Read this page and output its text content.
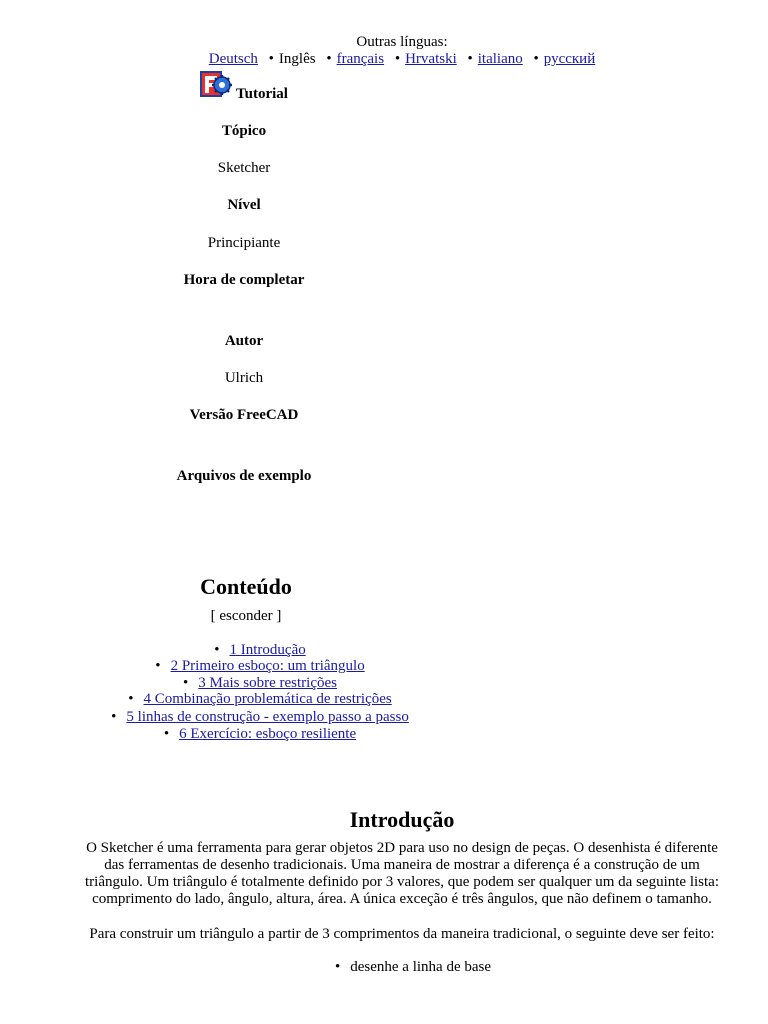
Outras línguas:
Deutsch • Inglês • français • Hrvatski • italiano • русский
Tutorial
Tópico
Sketcher
Nível
Principiante
Hora de completar
Autor
Ulrich
Versão FreeCAD
Arquivos de exemplo
Conteúdo
[ esconder ]
• 1 Introdução
• 2 Primeiro esboço: um triângulo
• 3 Mais sobre restrições
• 4 Combinação problemática de restrições
• 5 linhas de construção - exemplo passo a passo
• 6 Exercício: esboço resiliente
Introdução
O Sketcher é uma ferramenta para gerar objetos 2D para uso no design de peças. O desenhista é diferente
das ferramentas de desenho tradicionais. Uma maneira de mostrar a diferença é a construção de um
triângulo. Um triângulo é totalmente definido por 3 valores, que podem ser qualquer um da seguinte lista:
comprimento do lado, ângulo, altura, área. A única exceção é três ângulos, que não definem o tamanho.
Para construir um triângulo a partir de 3 comprimentos da maneira tradicional, o seguinte deve ser feito:
• desenhe a linha de base
